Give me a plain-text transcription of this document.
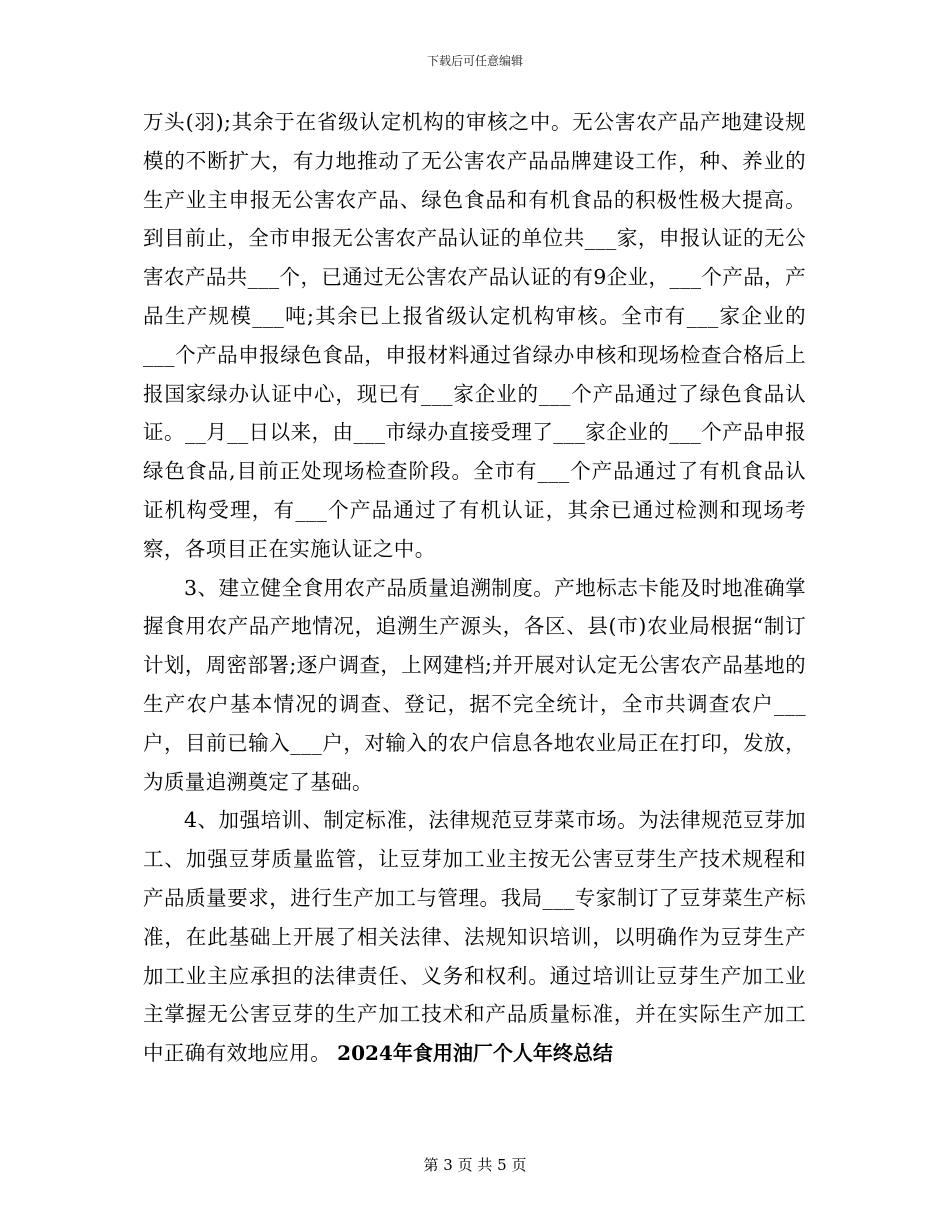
下载后可任意编辑

万头(羽);其余于在省级认定机构的审核之中。无公害农产品产地建设规模的不断扩大，有力地推动了无公害农产品品牌建设工作，种、养业的生产业主申报无公害农产品、绿色食品和有机食品的积极性极大提高。到目前止，全市申报无公害农产品认证的单位共___家，申报认证的无公害农产品共___个，已通过无公害农产品认证的有9企业，___个产品，产品生产规模___吨;其余已上报省级认定机构审核。全市有___家企业的___个产品申报绿色食品，申报材料通过省绿办申核和现场检查合格后上报国家绿办认证中心，现已有___家企业的___个产品通过了绿色食品认证。__月__日以来，由___市绿办直接受理了___家企业的___个产品申报绿色食品,目前正处现场检查阶段。全市有___个产品通过了有机食品认证机构受理，有___个产品通过了有机认证，其余已通过检测和现场考察，各项目正在实施认证之中。

3、建立健全食用农产品质量追溯制度。产地标志卡能及时地准确掌握食用农产品产地情况，追溯生产源头，各区、县(市)农业局根据“制订计划，周密部署;逐户调查，上网建档;并开展对认定无公害农产品基地的生产农户基本情况的调查、登记，据不完全统计，全市共调查农户___户，目前已输入___户，对输入的农户信息各地农业局正在打印，发放，为质量追溯奠定了基础。

4、加强培训、制定标准，法律规范豆芽菜市场。为法律规范豆芽加工、加强豆芽质量监管，让豆芽加工业主按无公害豆芽生产技术规程和产品质量要求，进行生产加工与管理。我局___专家制订了豆芽菜生产标准，在此基础上开展了相关法律、法规知识培训，以明确作为豆芽生产加工业主应承担的法律责任、义务和权利。通过培训让豆芽生产加工业主掌握无公害豆芽的生产加工技术和产品质量标准，并在实际生产加工中正确有效地应用。 2024年食用油厂个人年终总结
第 3 页 共 5 页
